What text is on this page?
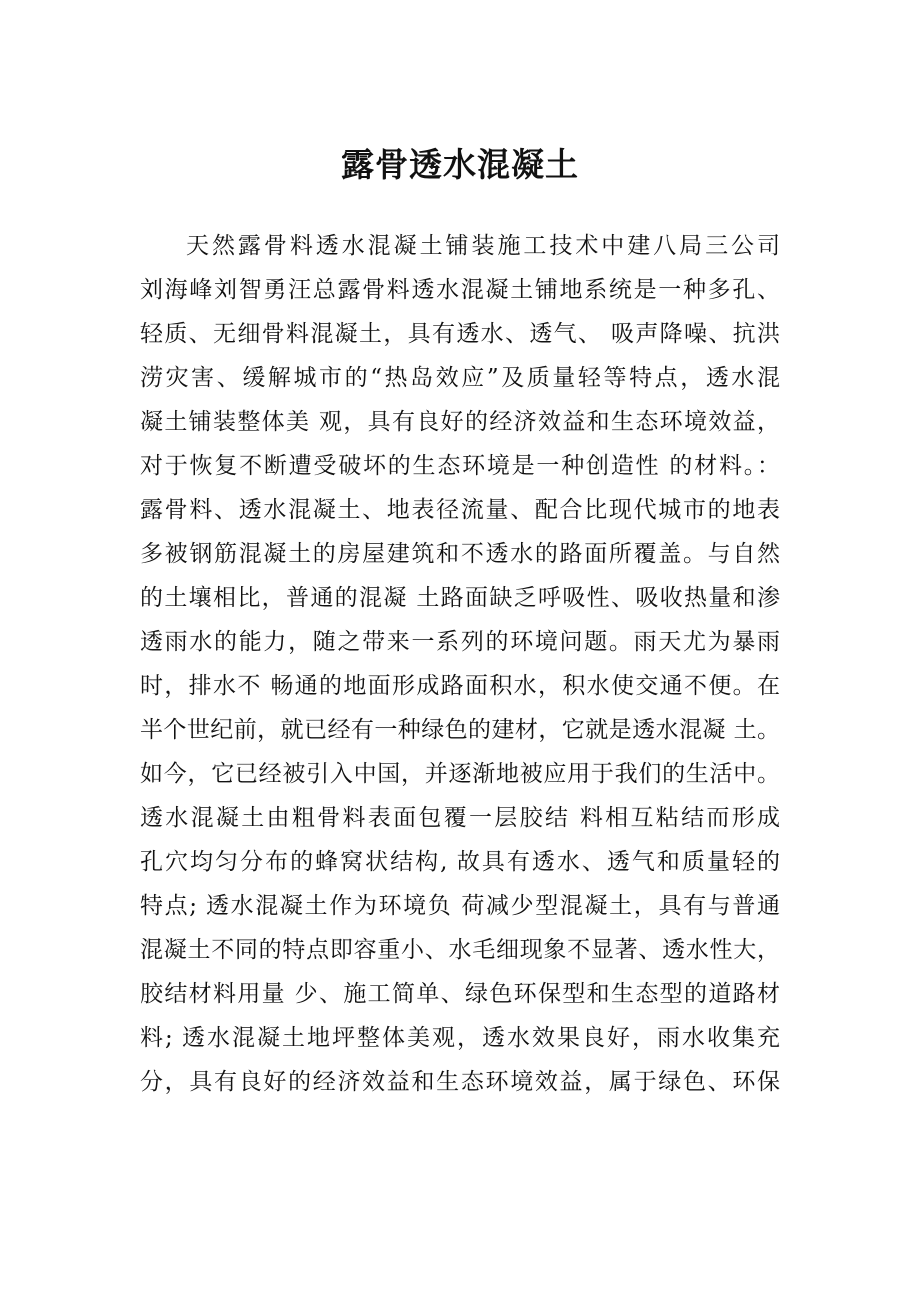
露骨透水混凝土
天然露骨料透水混凝土铺装施工技术中建八局三公司
刘海峰刘智勇汪总露骨料透水混凝土铺地系统是一种多孔、
轻质、无细骨料混凝土，具有透水、透气、 吸声降噪、抗洪
涝灾害、缓解城市的“热岛效应”及质量轻等特点，透水混
凝土铺装整体美 观，具有良好的经济效益和生态环境效益，
对于恢复不断遭受破坏的生态环境是一种创造性 的材料。：
露骨料、透水混凝土、地表径流量、配合比现代城市的地表
多被钢筋混凝土的房屋建筑和不透水的路面所覆盖。与自然
的土壤相比，普通的混凝 土路面缺乏呼吸性、吸收热量和渗
透雨水的能力，随之带来一系列的环境问题。雨天尤为暴雨
时，排水不 畅通的地面形成路面积水，积水使交通不便。在
半个世纪前，就已经有一种绿色的建材，它就是透水混凝 土。
如今，它已经被引入中国，并逐渐地被应用于我们的生活中。
透水混凝土由粗骨料表面包覆一层胶结 料相互粘结而形成
孔穴均匀分布的蜂窝状结构, 故具有透水、透气和质量轻的
特点; 透水混凝土作为环境负 荷减少型混凝土，具有与普通
混凝土不同的特点即容重小、水毛细现象不显著、透水性大，
胶结材料用量 少、施工简单、绿色环保型和生态型的道路材
料; 透水混凝土地坪整体美观，透水效果良好，雨水收集充
分，具有良好的经济效益和生态环境效益，属于绿色、环保
